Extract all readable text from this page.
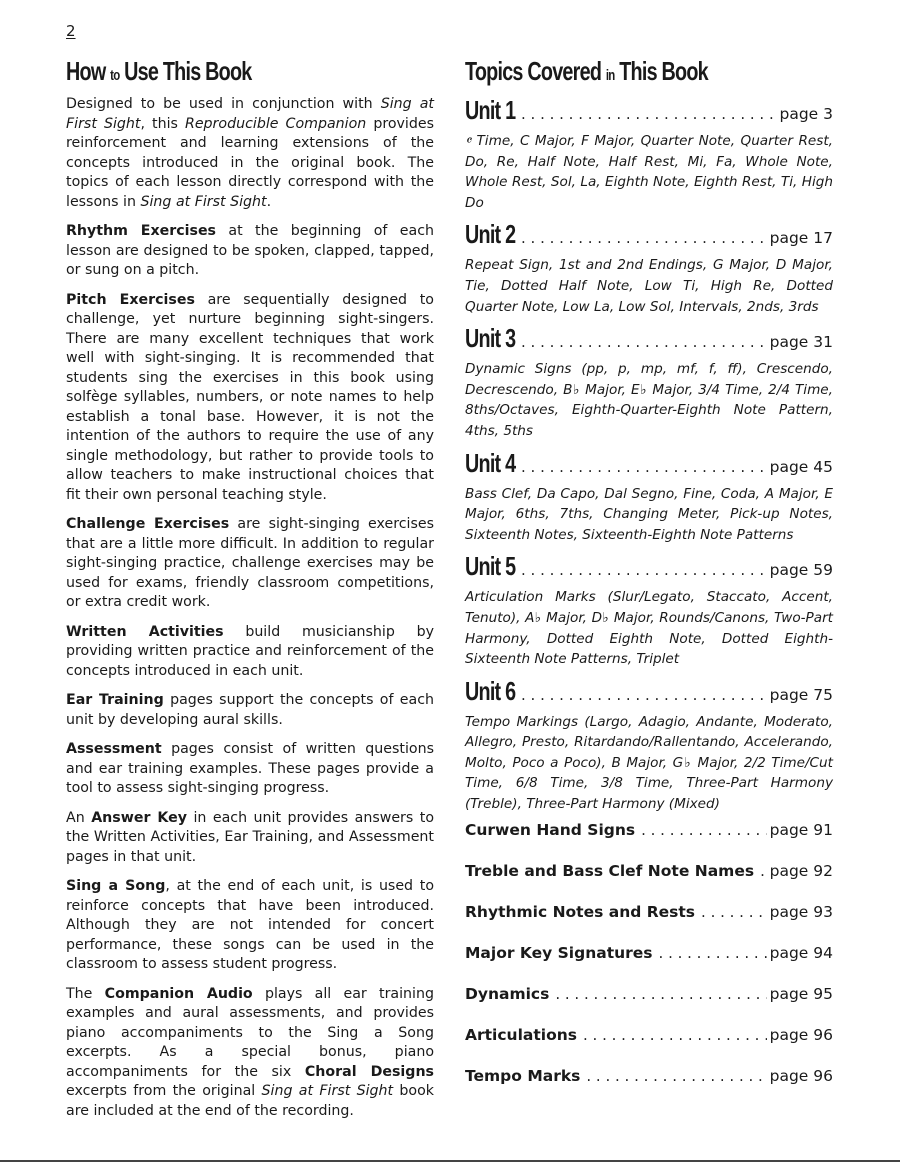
2
How to Use This Book

Designed to be used in conjunction with Sing at First Sight, this Reproducible Companion provides reinforcement and learning extensions of the concepts introduced in the original book. The topics of each lesson directly correspond with the lessons in Sing at First Sight.

Rhythm Exercises at the beginning of each lesson are designed to be spoken, clapped, tapped, or sung on a pitch.

Pitch Exercises are sequentially designed to challenge, yet nurture beginning sight-singers. There are many excellent techniques that work well with sight-singing. It is recommended that students sing the exercises in this book using solfège syllables, numbers, or note names to help establish a tonal base. However, it is not the intention of the authors to require the use of any single methodology, but rather to provide tools to allow teachers to make instructional choices that fit their own personal teaching style.

Challenge Exercises are sight-singing exercises that are a little more difficult. In addition to regular sight-singing practice, challenge exercises may be used for exams, friendly classroom competitions, or extra credit work.

Written Activities build musicianship by providing written practice and reinforcement of the concepts introduced in each unit.

Ear Training pages support the concepts of each unit by developing aural skills.

Assessment pages consist of written questions and ear training examples. These pages provide a tool to assess sight-singing progress.

An Answer Key in each unit provides answers to the Written Activities, Ear Training, and Assessment pages in that unit.

Sing a Song, at the end of each unit, is used to reinforce concepts that have been introduced. Although they are not intended for concert performance, these songs can be used in the classroom to assess student progress.

The Companion Audio plays all ear training examples and aural assessments, and provides piano accompaniments to the Sing a Song excerpts. As a special bonus, piano accompaniments for the six Choral Designs excerpts from the original Sing at First Sight book are included at the end of the recording.

Topics Covered in This Book
Unit 1 . . .	page 3

𝄴 Time, C Major, F Major, Quarter Note, Quarter Rest, Do, Re, Half Note, Half Rest, Mi, Fa, Whole Note, Whole Rest, Sol, La, Eighth Note, Eighth Rest, Ti, High Do

Unit 2 . . .	page 17

Repeat Sign, 1st and 2nd Endings, G Major, D Major, Tie, Dotted Half Note, Low Ti, High Re, Dotted Quarter Note, Low La, Low Sol, Intervals, 2nds, 3rds

Unit 3 . . .	page 31

Dynamic Signs (pp, p, mp, mf, f, ff), Crescendo, Decrescendo, B♭ Major, E♭ Major, 3/4 Time, 2/4 Time, 8ths/Octaves, Eighth-Quarter-Eighth Note Pattern, 4ths, 5ths

Unit 4 . . .	page 45

Bass Clef, Da Capo, Dal Segno, Fine, Coda, A Major, E Major, 6ths, 7ths, Changing Meter, Pick-up Notes, Sixteenth Notes, Sixteenth-Eighth Note Patterns

Unit 5 . . .	page 59

Articulation Marks (Slur/Legato, Staccato, Accent, Tenuto), A♭ Major, D♭ Major, Rounds/Canons, Two-Part Harmony, Dotted Eighth Note, Dotted Eighth-Sixteenth Note Patterns, Triplet

Unit 6 . . .	page 75

Tempo Markings (Largo, Adagio, Andante, Moderato, Allegro, Presto, Ritardando/Rallentando, Accelerando, Molto, Poco a Poco), B Major, G♭ Major, 2/2 Time/Cut Time, 6/8 Time, 3/8 Time, Three-Part Harmony (Treble), Three-Part Harmony (Mixed)

Curwen Hand Signs . . .	page 91
Treble and Bass Clef Note Names . . . page 92
Rhythmic Notes and Rests . . .	page 93
Major Key Signatures . . .	page 94
Dynamics . . .	page 95
Articulations . . .	page 96
Tempo Marks . . .	page 96
